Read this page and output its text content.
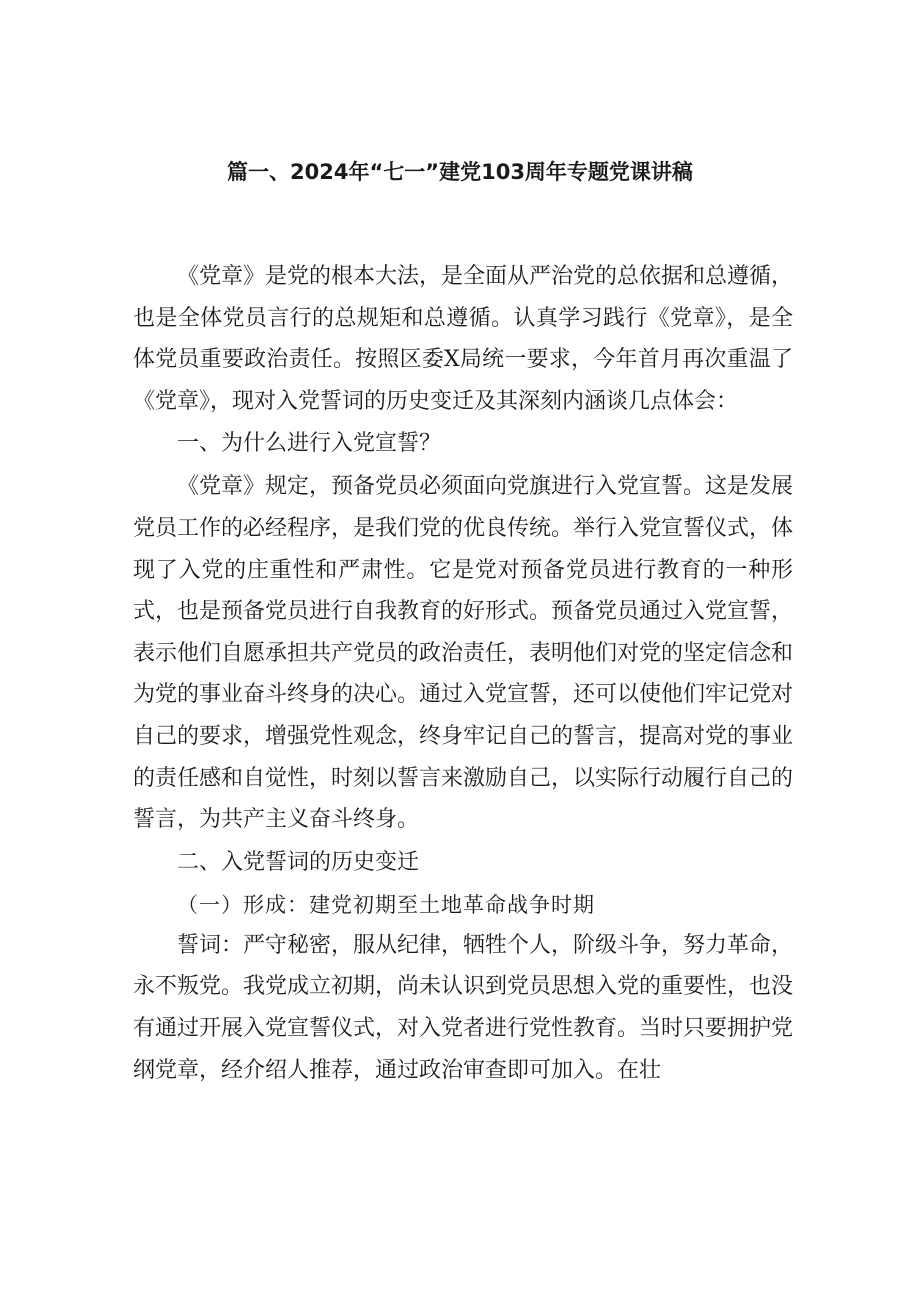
篇一、2024年“七一”建党103周年专题党课讲稿

《党章》是党的根本大法，是全面从严治党的总依据和总遵循，也是全体党员言行的总规矩和总遵循。认真学习践行《党章》，是全体党员重要政治责任。按照区委X局统一要求，今年首月再次重温了《党章》，现对入党誓词的历史变迁及其深刻内涵谈几点体会：

一、为什么进行入党宣誓？

《党章》规定，预备党员必须面向党旗进行入党宣誓。这是发展党员工作的必经程序，是我们党的优良传统。举行入党宣誓仪式，体现了入党的庄重性和严肃性。它是党对预备党员进行教育的一种形式，也是预备党员进行自我教育的好形式。预备党员通过入党宣誓，表示他们自愿承担共产党员的政治责任，表明他们对党的坚定信念和为党的事业奋斗终身的决心。通过入党宣誓，还可以使他们牢记党对自己的要求，增强党性观念，终身牢记自己的誓言，提高对党的事业的责任感和自觉性，时刻以誓言来激励自己，以实际行动履行自己的誓言，为共产主义奋斗终身。

二、入党誓词的历史变迁

（一）形成：建党初期至土地革命战争时期

誓词：严守秘密，服从纪律，牺牲个人，阶级斗争，努力革命，永不叛党。我党成立初期，尚未认识到党员思想入党的重要性，也没有通过开展入党宣誓仪式，对入党者进行党性教育。当时只要拥护党纲党章，经介绍人推荐，通过政治审查即可加入。在壮
